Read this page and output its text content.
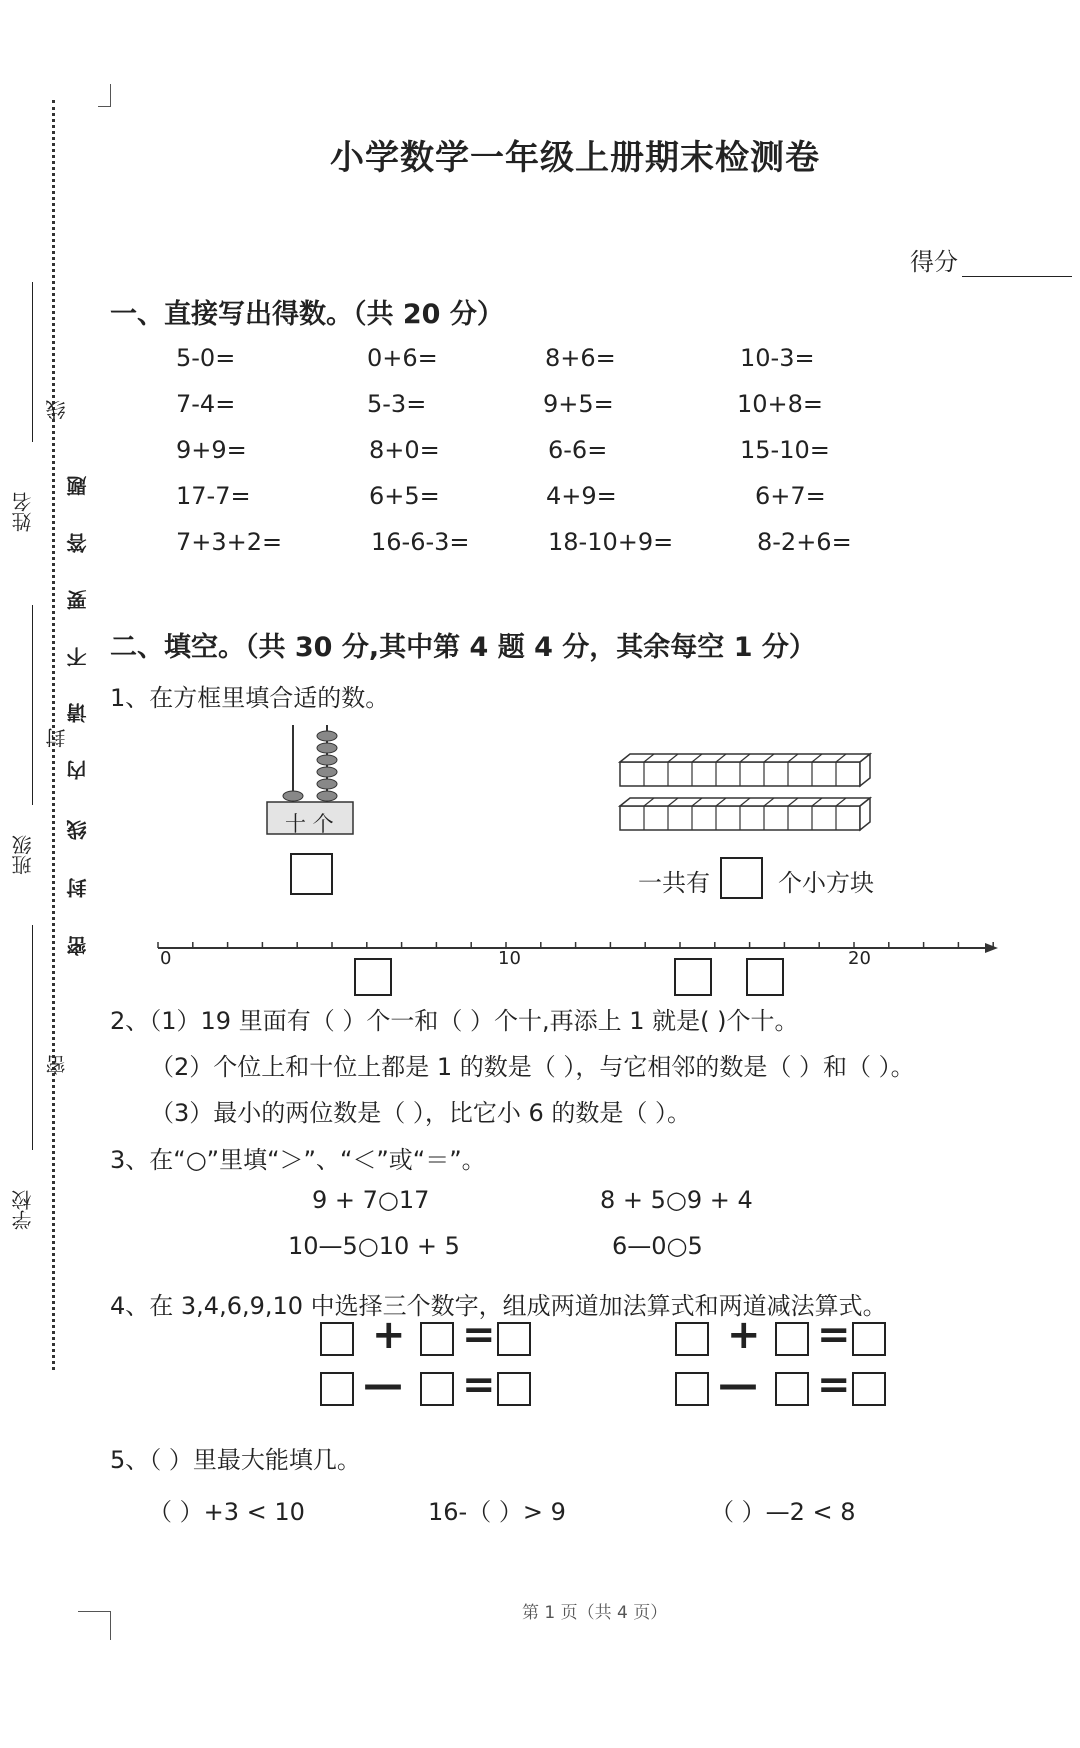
姓名
班级
学校
线
封
密
题
答
要
不
请
内
线
封
密
小学数学一年级上册期末检测卷
得分
一、直接写出得数。（共 20 分）
5-0=	0+6=	8+6=	10-3=
7-4=	5-3=	9+5=	10+8=
9+9=	8+0=	6-6=	15-10=
17-7=	6+5=	4+9=	6+7=
7+3+2=	16-6-3=	18-10+9=	8-2+6=
二、填空。（共 30 分,其中第 4 题 4 分，其余每空 1 分）
1、在方框里填合适的数。
十 个
一共有	个小方块
0	10	20
2、（1）19 里面有（ ）个一和（ ）个十,再添上 1 就是( )个十。
（2）个位上和十位上都是 1 的数是（ ），与它相邻的数是（ ）和（ ）。
（3）最小的两位数是（ ），比它小 6 的数是（ ）。
3、在“○”里填“＞”、“＜”或“＝”。
9 + 7○17	8 + 5○9 + 4
10—5○10 + 5	6—0○5
4、在 3,4,6,9,10 中选择三个数字，组成两道加法算式和两道减法算式。
+ =
— =
+ =
— =
5、（ ）里最大能填几。
（ ）+3 < 10	16-（ ）> 9	（ ）—2 < 8
第 1 页（共 4 页）
